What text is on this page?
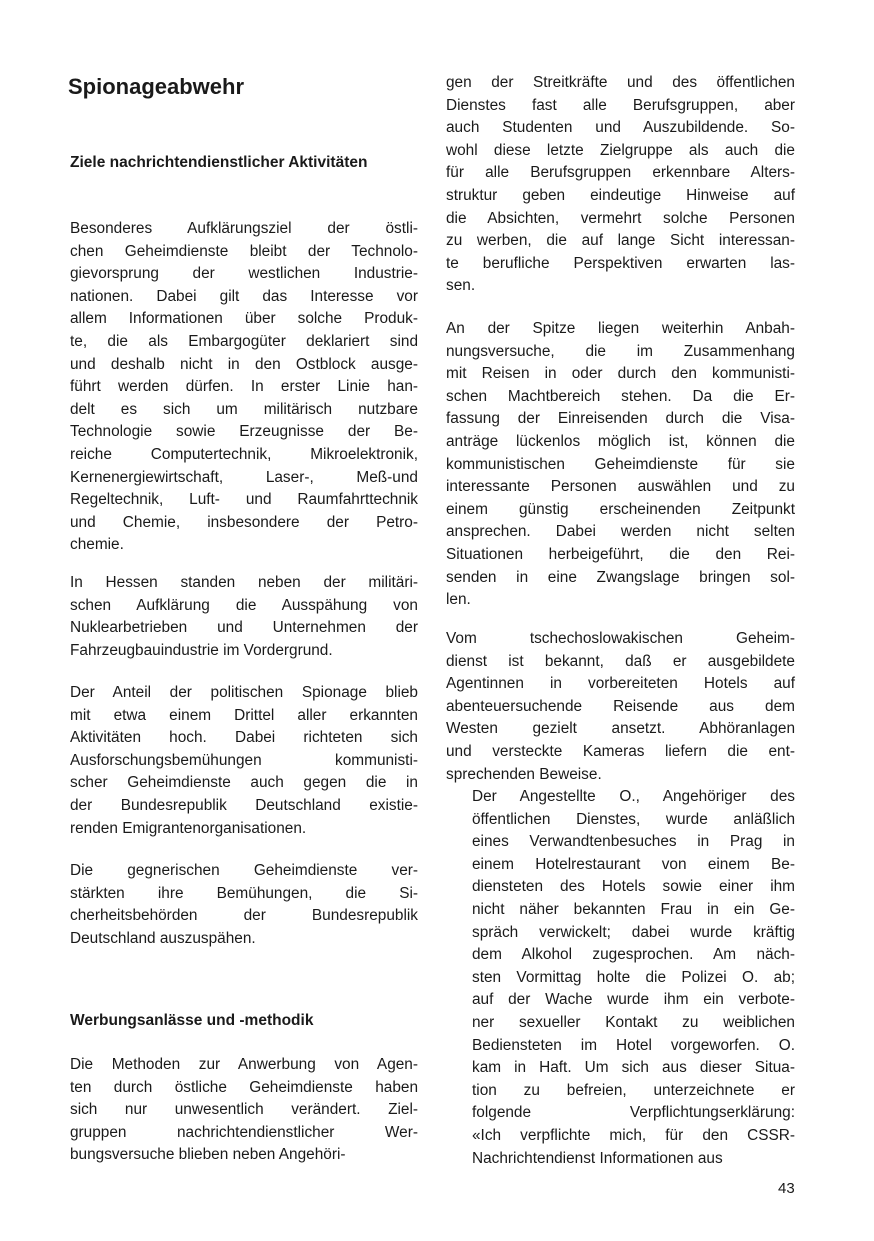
Spionageabwehr
Ziele nachrichtendienstlicher Aktivitäten

Besonderes Aufklärungsziel der östli-
chen Geheimdienste bleibt der Technolo-
gievorsprung der westlichen Industrie-
nationen. Dabei gilt das Interesse vor
allem Informationen über solche Produk-
te, die als Embargogüter deklariert sind
und deshalb nicht in den Ostblock ausge-
führt werden dürfen. In erster Linie han-
delt es sich um militärisch nutzbare
Technologie sowie Erzeugnisse der Be-
reiche Computertechnik, Mikroelektronik,
Kernenergiewirtschaft, Laser-, Meß-und
Regeltechnik, Luft- und Raumfahrttechnik
und Chemie, insbesondere der Petro-
chemie.

In Hessen standen neben der militäri-
schen Aufklärung die Ausspähung von
Nuklearbetrieben und Unternehmen der
Fahrzeugbauindustrie im Vordergrund.

Der Anteil der politischen Spionage blieb
mit etwa einem Drittel aller erkannten
Aktivitäten hoch. Dabei richteten sich
Ausforschungsbemühungen kommunisti-
scher Geheimdienste auch gegen die in
der Bundesrepublik Deutschland existie-
renden Emigrantenorganisationen.

Die gegnerischen Geheimdienste ver-
stärkten ihre Bemühungen, die Si-
cherheitsbehörden der Bundesrepublik
Deutschland auszuspähen.

Werbungsanlässe und -methodik

Die Methoden zur Anwerbung von Agen-
ten durch östliche Geheimdienste haben
sich nur unwesentlich verändert. Ziel-
gruppen nachrichtendienstlicher Wer-
bungsversuche blieben neben Angehöri-

gen der Streitkräfte und des öffentlichen
Dienstes fast alle Berufsgruppen, aber
auch Studenten und Auszubildende. So-
wohl diese letzte Zielgruppe als auch die
für alle Berufsgruppen erkennbare Alters-
struktur geben eindeutige Hinweise auf
die Absichten, vermehrt solche Personen
zu werben, die auf lange Sicht interessan-
te berufliche Perspektiven erwarten las-
sen.

An der Spitze liegen weiterhin Anbah-
nungsversuche, die im Zusammenhang
mit Reisen in oder durch den kommunisti-
schen Machtbereich stehen. Da die Er-
fassung der Einreisenden durch die Visa-
anträge lückenlos möglich ist, können die
kommunistischen Geheimdienste für sie
interessante Personen auswählen und zu
einem günstig erscheinenden Zeitpunkt
ansprechen. Dabei werden nicht selten
Situationen herbeigeführt, die den Rei-
senden in eine Zwangslage bringen sol-
len.

Vom tschechoslowakischen Geheim-
dienst ist bekannt, daß er ausgebildete
Agentinnen in vorbereiteten Hotels auf
abenteuersuchende Reisende aus dem
Westen gezielt ansetzt. Abhöranlagen
und versteckte Kameras liefern die ent-
sprechenden Beweise.

Der Angestellte O., Angehöriger des
öffentlichen Dienstes, wurde anläßlich
eines Verwandtenbesuches in Prag in
einem Hotelrestaurant von einem Be-
diensteten des Hotels sowie einer ihm
nicht näher bekannten Frau in ein Ge-
spräch verwickelt; dabei wurde kräftig
dem Alkohol zugesprochen. Am näch-
sten Vormittag holte die Polizei O. ab;
auf der Wache wurde ihm ein verbote-
ner sexueller Kontakt zu weiblichen
Bediensteten im Hotel vorgeworfen. O.
kam in Haft. Um sich aus dieser Situa-
tion zu befreien, unterzeichnete er
folgende Verpflichtungserklärung:
«Ich verpflichte mich, für den CSSR-
Nachrichtendienst Informationen aus

43
